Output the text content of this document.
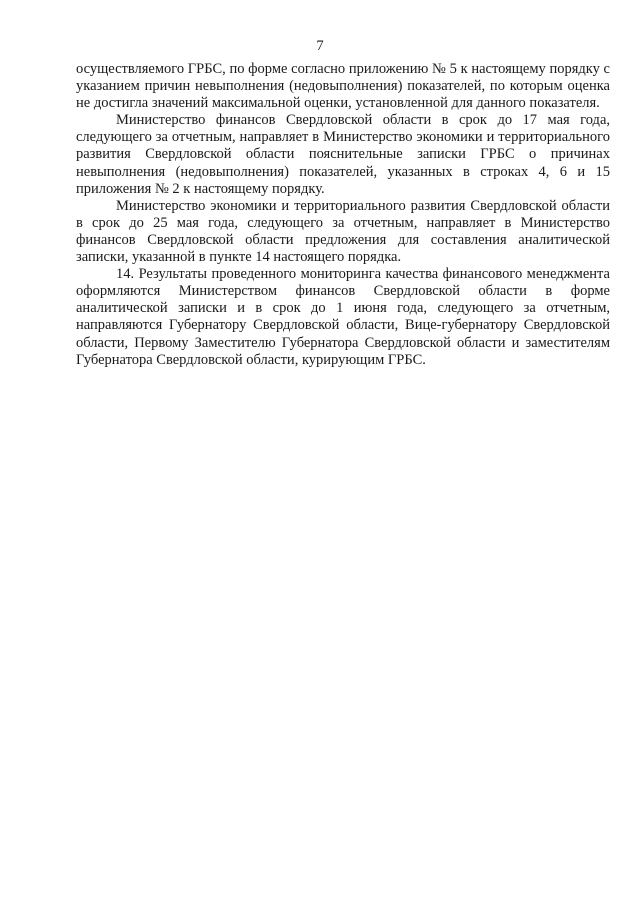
7

осуществляемого ГРБС, по форме согласно приложению № 5 к настоящему порядку с указанием причин невыполнения (недовыполнения) показателей, по которым оценка не достигла значений максимальной оценки, установленной для данного показателя.

Министерство финансов Свердловской области в срок до 17 мая года, следующего за отчетным, направляет в Министерство экономики и территориального развития Свердловской области пояснительные записки ГРБС о причинах невыполнения (недовыполнения) показателей, указанных в строках 4, 6 и 15 приложения № 2 к настоящему порядку.

Министерство экономики и территориального развития Свердловской области в срок до 25 мая года, следующего за отчетным, направляет в Министерство финансов Свердловской области предложения для составления аналитической записки, указанной в пункте 14 настоящего порядка.

14. Результаты проведенного мониторинга качества финансового менеджмента оформляются Министерством финансов Свердловской области в форме аналитической записки и в срок до 1 июня года, следующего за отчетным, направляются Губернатору Свердловской области, Вице-губернатору Свердловской области, Первому Заместителю Губернатора Свердловской области и заместителям Губернатора Свердловской области, курирующим ГРБС.
